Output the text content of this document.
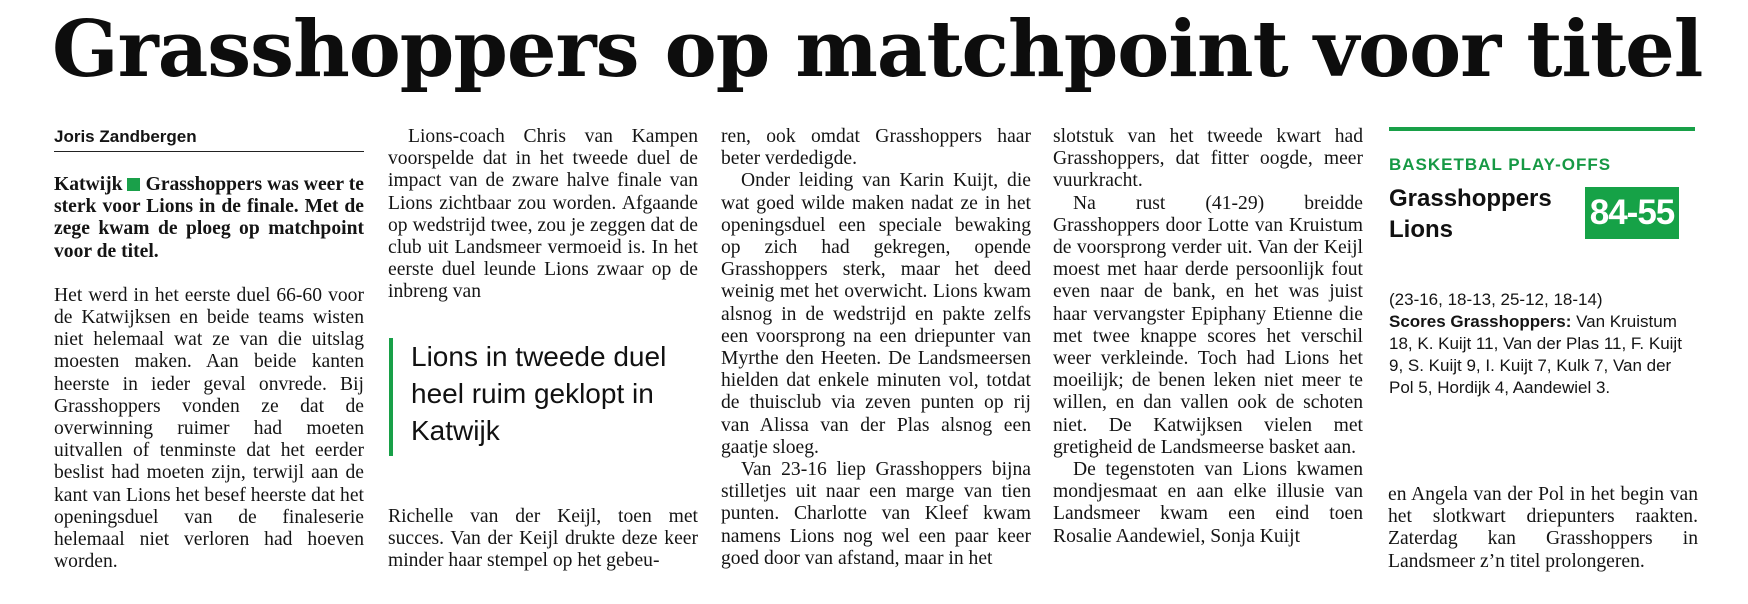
Grasshoppers op matchpoint voor titel
Joris Zandbergen

Katwijk Grasshoppers was weer te sterk voor Lions in de finale. Met de zege kwam de ploeg op matchpoint voor de titel.

Het werd in het eerste duel 66-60 voor de Katwijksen en beide teams wisten niet helemaal wat ze van die uitslag moesten maken. Aan beide kanten heerste in ieder geval onvrede. Bij Grasshoppers vonden ze dat de overwinning ruimer had moeten uitvallen of tenminste dat het eerder beslist had moeten zijn, terwijl aan de kant van Lions het besef heerste dat het openingsduel van de finaleserie helemaal niet verloren had hoeven worden.

Lions-coach Chris van Kampen voorspelde dat in het tweede duel de impact van de zware halve finale van Lions zichtbaar zou worden. Afgaande op wedstrijd twee, zou je zeggen dat de club uit Landsmeer vermoeid is. In het eerste duel leunde Lions zwaar op de inbreng van

Lions in tweede duel heel ruim geklopt in Katwijk

Richelle van der Keijl, toen met succes. Van der Keijl drukte deze keer minder haar stempel op het gebeu-

ren, ook omdat Grasshoppers haar beter verdedigde.

Onder leiding van Karin Kuijt, die wat goed wilde maken nadat ze in het openingsduel een speciale bewaking op zich had gekregen, opende Grasshoppers sterk, maar het deed weinig met het overwicht. Lions kwam alsnog in de wedstrijd en pakte zelfs een voorsprong na een driepunter van Myrthe den Heeten. De Landsmeersen hielden dat enkele minuten vol, totdat de thuisclub via zeven punten op rij van Alissa van der Plas alsnog een gaatje sloeg.

Van 23-16 liep Grasshoppers bijna stilletjes uit naar een marge van tien punten. Charlotte van Kleef kwam namens Lions nog wel een paar keer goed door van afstand, maar in het

slotstuk van het tweede kwart had Grasshoppers, dat fitter oogde, meer vuurkracht.

Na rust (41-29) breidde Grasshoppers door Lotte van Kruistum de voorsprong verder uit. Van der Keijl moest met haar derde persoonlijk fout even naar de bank, en het was juist haar vervangster Epiphany Etienne die met twee knappe scores het verschil weer verkleinde. Toch had Lions het moeilijk; de benen leken niet meer te willen, en dan vallen ook de schoten niet. De Katwijksen vielen met gretigheid de Landsmeerse basket aan.

De tegenstoten van Lions kwamen mondjesmaat en aan elke illusie van Landsmeer kwam een eind toen Rosalie Aandewiel, Sonja Kuijt

BASKETBAL PLAY-OFFS
Grasshoppers
Lions	84-55
(23-16, 18-13, 25-12, 18-14)
Scores Grasshoppers: Van Kruistum 18, K. Kuijt 11, Van der Plas 11, F. Kuijt 9, S. Kuijt 9, I. Kuijt 7, Kulk 7, Van der Pol 5, Hordijk 4, Aandewiel 3.

en Angela van der Pol in het begin van het slotkwart driepunters raakten. Zaterdag kan Grasshoppers in Landsmeer z’n titel prolongeren.
